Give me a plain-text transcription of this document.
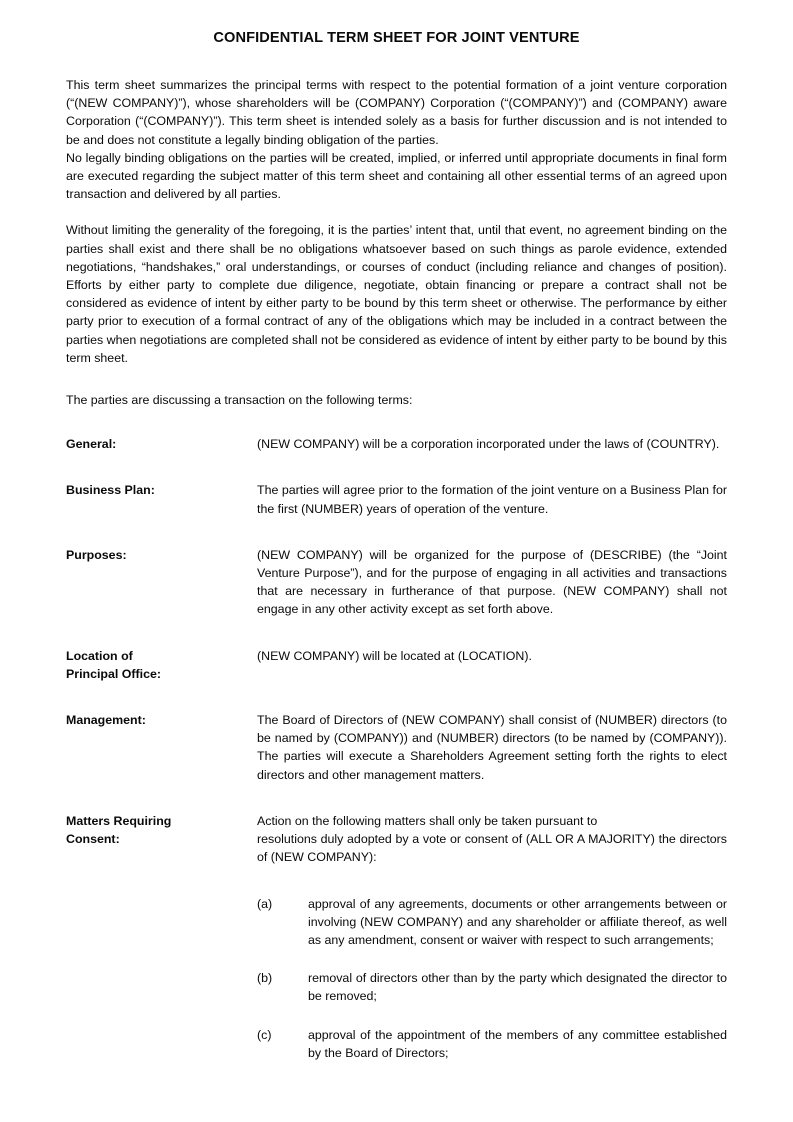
CONFIDENTIAL TERM SHEET FOR JOINT VENTURE

This term sheet summarizes the principal terms with respect to the potential formation of a joint venture corporation (“(NEW COMPANY)”), whose shareholders will be (COMPANY) Corporation (“(COMPANY)”) and (COMPANY) aware Corporation (“(COMPANY)”). This term sheet is intended solely as a basis for further discussion and is not intended to be and does not constitute a legally binding obligation of the parties.

No legally binding obligations on the parties will be created, implied, or inferred until appropriate documents in final form are executed regarding the subject matter of this term sheet and containing all other essential terms of an agreed upon transaction and delivered by all parties.

Without limiting the generality of the foregoing, it is the parties’ intent that, until that event, no agreement binding on the parties shall exist and there shall be no obligations whatsoever based on such things as parole evidence, extended negotiations, “handshakes,” oral understandings, or courses of conduct (including reliance and changes of position). Efforts by either party to complete due diligence, negotiate, obtain financing or prepare a contract shall not be considered as evidence of intent by either party to be bound by this term sheet or otherwise. The performance by either party prior to execution of a formal contract of any of the obligations which may be included in a contract between the parties when negotiations are completed shall not be considered as evidence of intent by either party to be bound by this term sheet.

The parties are discussing a transaction on the following terms:

General:	(NEW COMPANY) will be a corporation incorporated under the laws of (COUNTRY).

Business Plan:	The parties will agree prior to the formation of the joint venture on a Business Plan for the first (NUMBER) years of operation of the venture.

Purposes:	(NEW COMPANY) will be organized for the purpose of (DESCRIBE) (the “Joint Venture Purpose”), and for the purpose of engaging in all activities and transactions that are necessary in furtherance of that purpose. (NEW COMPANY) shall not engage in any other activity except as set forth above.

Location of
Principal Office:
	(NEW COMPANY) will be located at (LOCATION).

Management:	The Board of Directors of (NEW COMPANY) shall consist of (NUMBER) directors (to be named by (COMPANY)) and (NUMBER) directors (to be named by (COMPANY)). The parties will execute a Shareholders Agreement setting forth the rights to elect directors and other management matters.

Matters Requiring
Consent:

Action on the following matters shall only be taken pursuant to
resolutions duly adopted by a vote or consent of (ALL OR A MAJORITY) the directors of (NEW COMPANY):

(a)	approval of any agreements, documents or other arrangements between or involving (NEW COMPANY) and any shareholder or affiliate thereof, as well as any amendment, consent or waiver with respect to such arrangements;

(b)	removal of directors other than by the party which designated the director to be removed;

(c)	approval of the appointment of the members of any committee established by the Board of Directors;
